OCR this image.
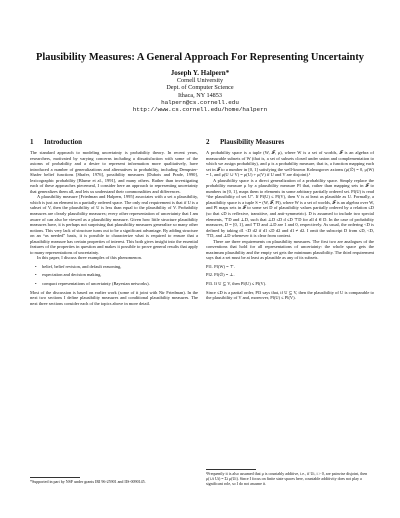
Plausibility Measures: A General Approach For Representing Uncertainty
Joseph Y. Halpern*
Cornell University
Dept. of Computer Science
Ithaca, NY 14853
halpern@cs.cornell.edu
http://www.cs.cornell.edu/home/halpern
1 Introduction

The standard approach to modeling uncertainty is probability theory. In recent years, researchers, motivated by varying concerns including a dissatisfaction with some of the axioms of probability and a desire to represent information more qualitatively, have introduced a number of generalizations and alternatives to probability, including Dempster-Shafer belief functions [Shafer, 1976], possibility measures [Dubois and Prade, 1990], lexicographic probability [Blume et al., 1991], and many others. Rather than investigating each of these approaches piecemeal, I consider here an approach to representing uncertainty that generalizes them all, and lets us understand their commonalities and differences.

A plausibility measure [Friedman and Halpern, 1995] associates with a set a plausibility, which is just an element in a partially ordered space. The only real requirement is that if U is a subset of V, then the plausibility of U is less than equal to the plausibility of V. Probability measures are clearly plausibility measures; every other representation of uncertainty that I am aware of can also be viewed as a plausibility measure. Given how little structure plausibility measures have, it is perhaps not surprising that plausibility measures generalize so many other notions. This very lack of structure turns out to be a significant advantage. By adding structure on an “as needed” basis, it is possible to characterize what is required to ensure that a plausibility measure has certain properties of interest. This both gives insight into the essential features of the properties in question and makes it possible to prove general results that apply to many representations of uncertainty.

In this paper, I discuss three examples of this phenomenon.

• belief, belief revision, and default reasoning,
• expectation and decision making,
• compact representations of uncertainty (Bayesian networks).

Most of the discussion is based on earlier work (some of it joint with Nir Friedman). In the next two sections I define plausibility measures and conditional plausibility measures. The next three sections consider each of the topics above in more detail.

*Supported in part by NSF under grants IRI 96-25901 and IIS-0090145.
2 Plausibility Measures

A probability space is a tuple (W, 𝓕, μ), where W is a set of worlds, 𝓕 is an algebra of measurable subsets of W (that is, a set of subsets closed under union and complementation to which we assign probability), and μ is a probability measure, that is, a function mapping each set in 𝓕 to a number in [0, 1] satisfying the well-known Kolmogorov axioms (μ(∅) = 0, μ(W) = 1, and μ(U ∪ V) = μ(U) + μ(V) if U and V are disjoint).¹

A plausibility space is a direct generalization of a probability space. Simply replace the probability measure μ by a plausibility measure Pl that, rather than mapping sets in 𝓕 to numbers in [0, 1], maps them to elements in some arbitrary partially ordered set. Pl(U) is read “the plausibility of set U”. If Pl(U) ≤ Pl(V), then V is at least as plausible as U. Formally, a plausibility space is a tuple S = (W, 𝓕, Pl), where W is a set of worlds, 𝓕 is an algebra over W, and Pl maps sets in 𝓕 to some set D of plausibility values partially ordered by a relation ≤D (so that ≤D is reflexive, transitive, and anti-symmetric). D is assumed to include two special elements, ⊤D and ⊥D, such that ⊥D ≤D d ≤D ⊤D for all d ∈ D. In the case of probability measures, D = [0, 1], and ⊤D and ⊥D are 1 and 0, respectively. As usual, the ordering <D is defined by taking d1 <D d2 if d1 ≤D d2 and d1 ≠ d2. I omit the subscript D from ≤D, <D, ⊤D, and ⊥D whenever it is clear from context.

There are three requirements on plausibility measures. The first two are analogues of the conventions that hold for all representations of uncertainty: the whole space gets the maximum plausibility and the empty set gets the minimum plausibility. The third requirement says that a set must be at least as plausible as any of its subsets.

Pl1. Pl(W) = ⊤.
Pl2. Pl(∅) = ⊥.
Pl3. If U ⊆ V, then Pl(U) ≤ Pl(V).

Since ≤D is a partial order, Pl3 says that, if U ⊆ V, then the plausibility of U is comparable to the plausibility of V and, moreover, Pl(U) ≤ Pl(V).

¹Frequently it is also assumed that μ is countably additive, i.e., if Ui, i > 0, are pairwise disjoint, then μ(∪i Ui) = Σi μ(Ui). Since I focus on finite state spaces here, countable additivity does not play a significant role, so I do not assume it.
